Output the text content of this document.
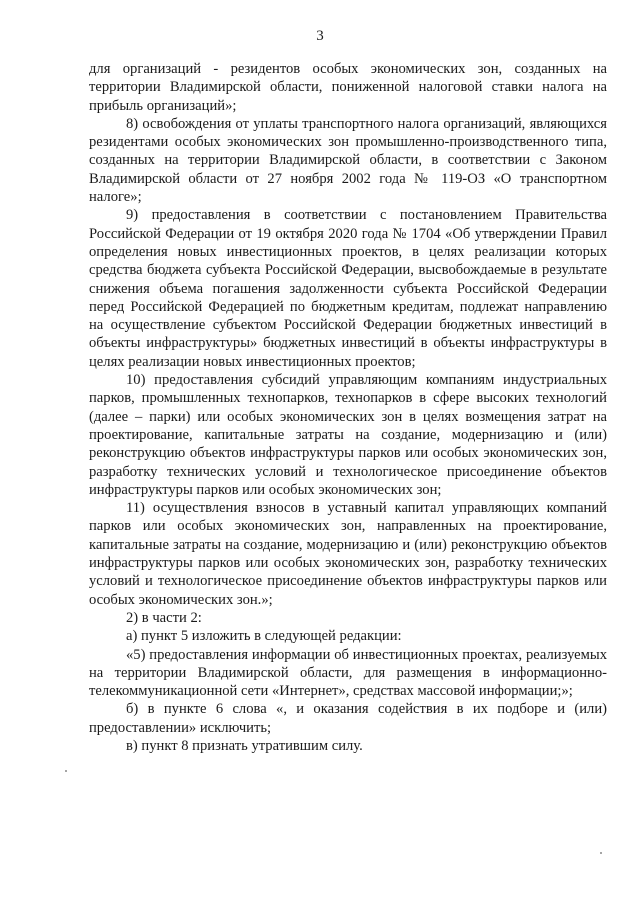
3

для организаций - резидентов особых экономических зон, созданных на территории Владимирской области, пониженной налоговой ставки налога на прибыль организаций»;

8) освобождения от уплаты транспортного налога организаций, являющихся резидентами особых экономических зон промышленно-производственного типа, созданных на территории Владимирской области, в соответствии с Законом Владимирской области от 27 ноября 2002 года № 119-ОЗ «О транспортном налоге»;

9) предоставления в соответствии с постановлением Правительства Российской Федерации от 19 октября 2020 года № 1704 «Об утверждении Правил определения новых инвестиционных проектов, в целях реализации которых средства бюджета субъекта Российской Федерации, высвобождаемые в результате снижения объема погашения задолженности субъекта Российской Федерации перед Российской Федерацией по бюджетным кредитам, подлежат направлению на осуществление субъектом Российской Федерации бюджетных инвестиций в объекты инфраструктуры» бюджетных инвестиций в объекты инфраструктуры в целях реализации новых инвестиционных проектов;

10) предоставления субсидий управляющим компаниям индустриальных парков, промышленных технопарков, технопарков в сфере высоких технологий (далее – парки) или особых экономических зон в целях возмещения затрат на проектирование, капитальные затраты на создание, модернизацию и (или) реконструкцию объектов инфраструктуры парков или особых экономических зон, разработку технических условий и технологическое присоединение объектов инфраструктуры парков или особых экономических зон;

11) осуществления взносов в уставный капитал управляющих компаний парков или особых экономических зон, направленных на проектирование, капитальные затраты на создание, модернизацию и (или) реконструкцию объектов инфраструктуры парков или особых экономических зон, разработку технических условий и технологическое присоединение объектов инфраструктуры парков или особых экономических зон.»;

2) в части 2:

а) пункт 5 изложить в следующей редакции:

«5) предоставления информации об инвестиционных проектах, реализуемых на территории Владимирской области, для размещения в информационно-телекоммуникационной сети «Интернет», средствах массовой информации;»;

б) в пункте 6 слова «, и оказания содействия в их подборе и (или) предоставлении» исключить;

в) пункт 8 признать утратившим силу.
